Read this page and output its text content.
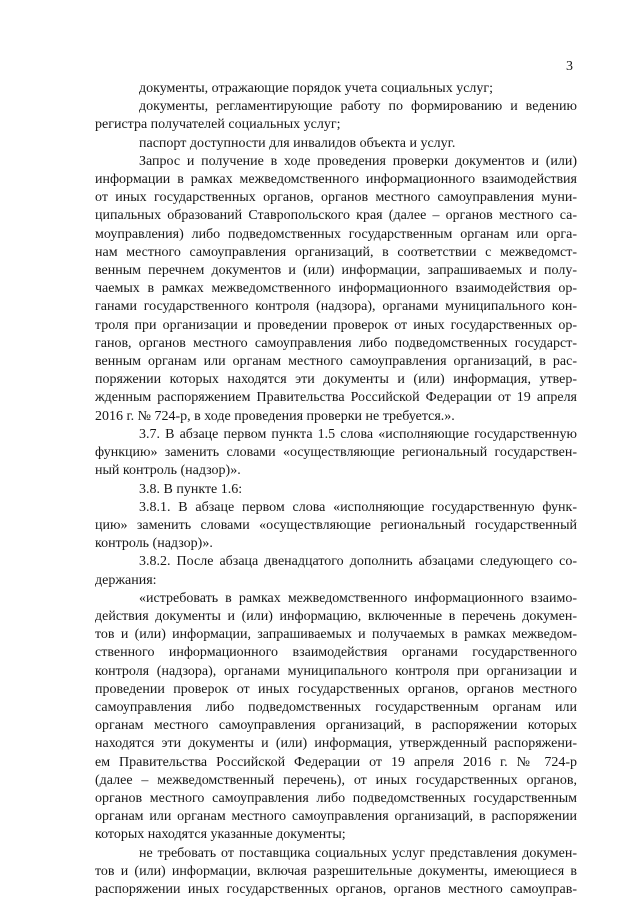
3
документы, отражающие порядок учета социальных услуг;
документы, регламентирующие работу по формированию и ведению
регистра получателей социальных услуг;
паспорт доступности для инвалидов объекта и услуг.
Запрос и получение в ходе проведения проверки документов и (или)
информации в рамках межведомственного информационного взаимодействия
от иных государственных органов, органов местного самоуправления муни-
ципальных образований Ставропольского края (далее – органов местного са-
моуправления) либо подведомственных государственным органам или орга-
нам местного самоуправления организаций, в соответствии с межведомст-
венным перечнем документов и (или) информации, запрашиваемых и полу-
чаемых в рамках межведомственного информационного взаимодействия ор-
ганами государственного контроля (надзора), органами муниципального кон-
троля при организации и проведении проверок от иных государственных ор-
ганов, органов местного самоуправления либо подведомственных государст-
венным органам или органам местного самоуправления организаций, в рас-
поряжении которых находятся эти документы и (или) информация, утвер-
жденным распоряжением Правительства Российской Федерации от 19 апреля
2016 г. № 724-р, в ходе проведения проверки не требуется.».
3.7. В абзаце первом пункта 1.5 слова «исполняющие государственную
функцию» заменить словами «осуществляющие региональный государствен-
ный контроль (надзор)».
3.8. В пункте 1.6:
3.8.1. В абзаце первом слова «исполняющие государственную функ-
цию» заменить словами «осуществляющие региональный государственный
контроль (надзор)».
3.8.2. После абзаца двенадцатого дополнить абзацами следующего со-
держания:
«истребовать в рамках межведомственного информационного взаимо-
действия документы и (или) информацию, включенные в перечень докумен-
тов и (или) информации, запрашиваемых и получаемых в рамках межведом-
ственного информационного взаимодействия органами государственного
контроля (надзора), органами муниципального контроля при организации и
проведении проверок от иных государственных органов, органов местного
самоуправления либо подведомственных государственным органам или
органам местного самоуправления организаций, в распоряжении которых
находятся эти документы и (или) информация, утвержденный распоряжени-
ем Правительства Российской Федерации от 19 апреля 2016 г. № 724-р
(далее – межведомственный перечень), от иных государственных органов,
органов местного самоуправления либо подведомственных государственным
органам или органам местного самоуправления организаций, в распоряжении
которых находятся указанные документы;
не требовать от поставщика социальных услуг представления докумен-
тов и (или) информации, включая разрешительные документы, имеющиеся в
распоряжении иных государственных органов, органов местного самоуправ-
